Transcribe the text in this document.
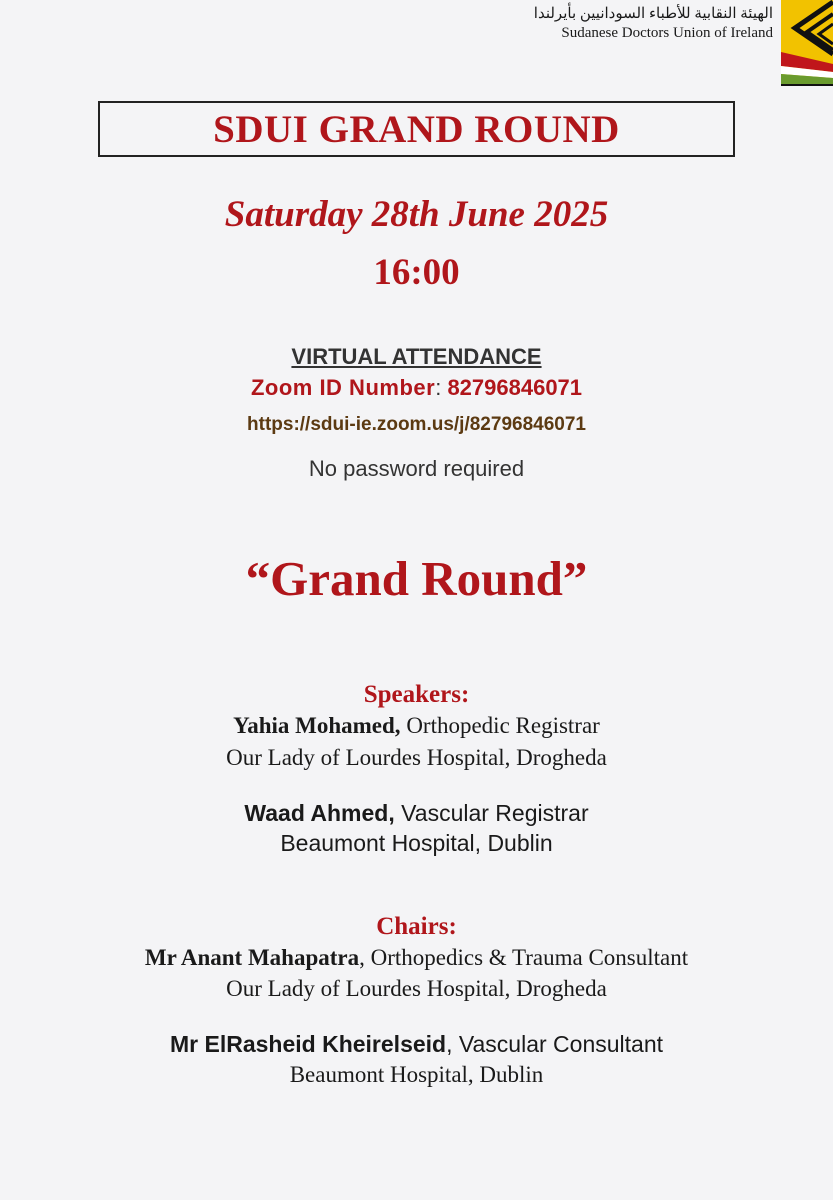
الهيئة النقابية للأطباء السودانيين بأيرلندا
Sudanese Doctors Union of Ireland
SDUI GRAND ROUND
Saturday 28th June 2025
16:00
VIRTUAL ATTENDANCE
Zoom ID Number: 82796846071
https://sdui-ie.zoom.us/j/82796846071
No password required
“Grand Round”
Speakers:
Yahia Mohamed, Orthopedic Registrar
Our Lady of Lourdes Hospital, Drogheda
Waad Ahmed, Vascular Registrar
Beaumont Hospital, Dublin
Chairs:
Mr Anant Mahapatra, Orthopedics & Trauma Consultant
Our Lady of Lourdes Hospital, Drogheda
Mr ElRasheid Kheirelseid, Vascular Consultant
Beaumont Hospital, Dublin
